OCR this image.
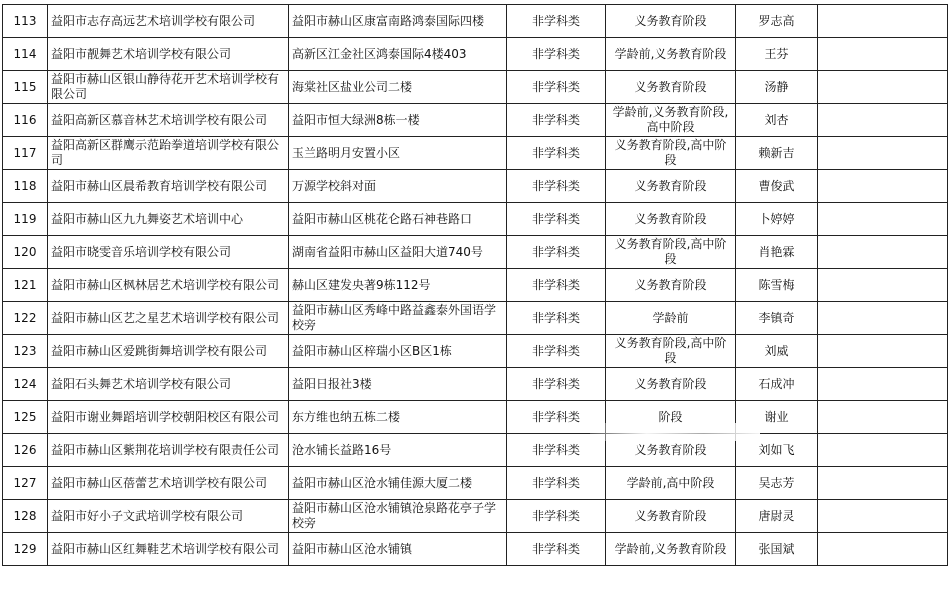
113	益阳市志存高远艺术培训学校有限公司	益阳市赫山区康富南路鸿泰国际四楼	非学科类	义务教育阶段	罗志高	
114	益阳市靓舞艺术培训学校有限公司	高新区江金社区鸿泰国际4楼403	非学科类	学龄前,义务教育阶段	王芬	
115	益阳市赫山区银山静待花开艺术培训学校有限公司	海棠社区盐业公司二楼	非学科类	义务教育阶段	汤静	
116	益阳高新区慕音林艺术培训学校有限公司	益阳市恒大绿洲8栋一楼	非学科类	学龄前,义务教育阶段,高中阶段	刘杏	
117	益阳高新区群鹰示范跆拳道培训学校有限公司	玉兰路明月安置小区	非学科类	义务教育阶段,高中阶段	赖新吉	
118	益阳市赫山区晨希教育培训学校有限公司	万源学校斜对面	非学科类	义务教育阶段	曹俊武	
119	益阳市赫山区九九舞姿艺术培训中心	益阳市赫山区桃花仑路石神巷路口	非学科类	义务教育阶段	卜婷婷	
120	益阳市晓雯音乐培训学校有限公司	湖南省益阳市赫山区益阳大道740号	非学科类	义务教育阶段,高中阶段	肖艳霖	
121	益阳市赫山区枫林居艺术培训学校有限公司	赫山区建发央著9栋112号	非学科类	义务教育阶段	陈雪梅	
122	益阳市赫山区艺之星艺术培训学校有限公司	益阳市赫山区秀峰中路益鑫泰外国语学校旁	非学科类	学龄前	李镇奇	
123	益阳市赫山区爱跳街舞培训学校有限公司	益阳市赫山区梓瑞小区B区1栋	非学科类	义务教育阶段,高中阶段	刘威	
124	益阳石头舞艺术培训学校有限公司	益阳日报社3楼	非学科类	义务教育阶段	石成冲	
125	益阳市谢业舞蹈培训学校朝阳校区有限公司	东方维也纳五栋二楼	非学科类	阶段	谢业	
126	益阳市赫山区紫荆花培训学校有限责任公司	沧水铺长益路16号	非学科类	义务教育阶段	刘如飞	
127	益阳市赫山区蓓蕾艺术培训学校有限公司	益阳市赫山区沧水铺佳源大厦二楼	非学科类	学龄前,高中阶段	吴志芳	
128	益阳市好小子文武培训学校有限公司	益阳市赫山区沧水铺镇沧泉路花亭子学校旁	非学科类	义务教育阶段	唐尉灵	
129	益阳市赫山区红舞鞋艺术培训学校有限公司	益阳市赫山区沧水铺镇	非学科类	学龄前,义务教育阶段	张国斌	
